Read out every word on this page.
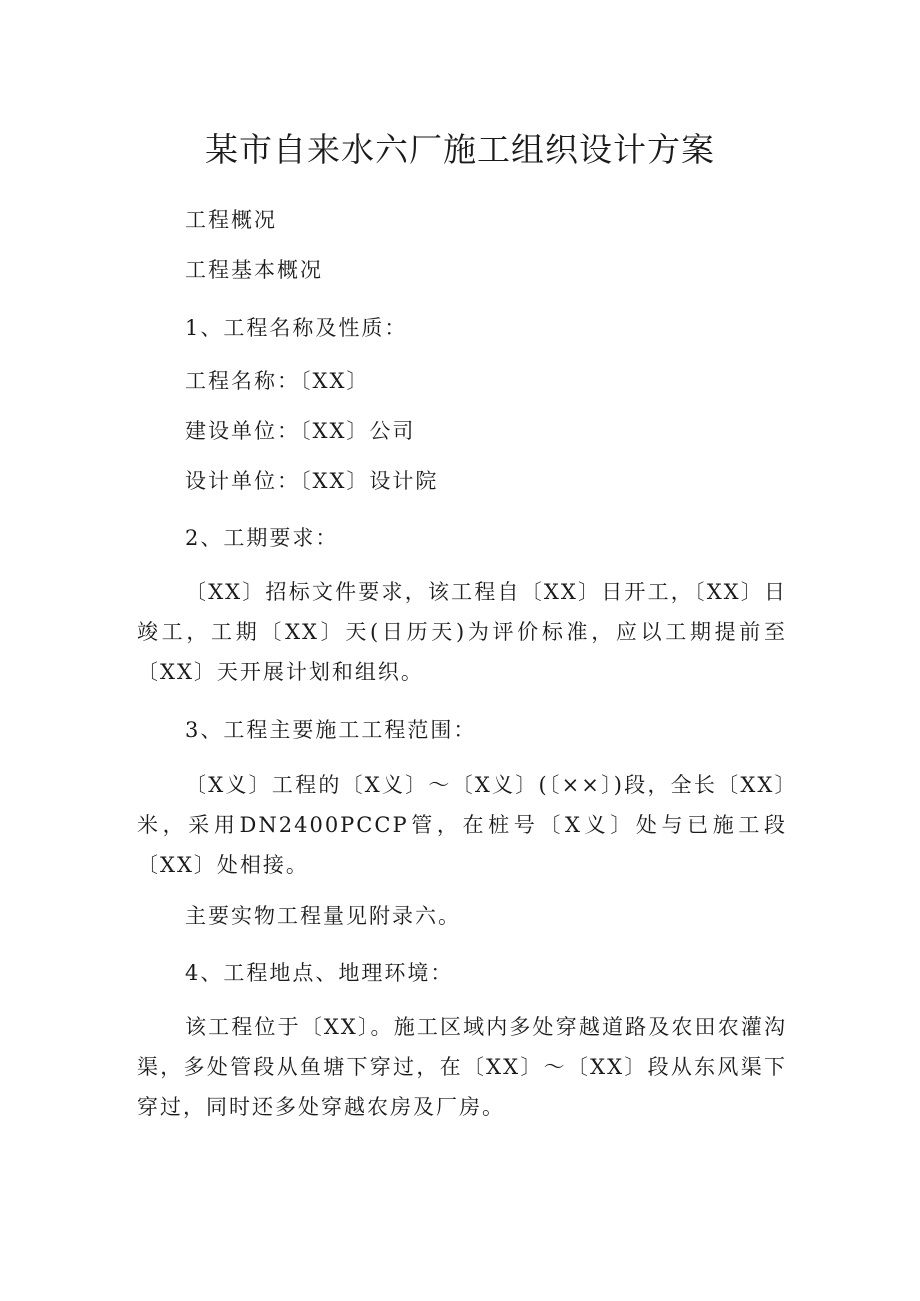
某市自来水六厂施工组织设计方案

工程概况

工程基本概况

1、工程名称及性质：

工程名称：〔XX〕

建设单位：〔XX〕公司

设计单位：〔XX〕设计院

2、工期要求：

〔XX〕招标文件要求，该工程自〔XX〕日开工，〔XX〕日竣工，工期〔XX〕天(日历天)为评价标准，应以工期提前至〔XX〕天开展计划和组织。

3、工程主要施工工程范围：

〔X义〕工程的〔X义〕～〔X义〕(〔××〕)段，全长〔XX〕米，采用DN2400PCCP管，在桩号〔X义〕处与已施工段〔XX〕处相接。

主要实物工程量见附录六。

4、工程地点、地理环境：

该工程位于〔XX〕。施工区域内多处穿越道路及农田农灌沟渠，多处管段从鱼塘下穿过，在〔XX〕～〔XX〕段从东风渠下穿过，同时还多处穿越农房及厂房。
